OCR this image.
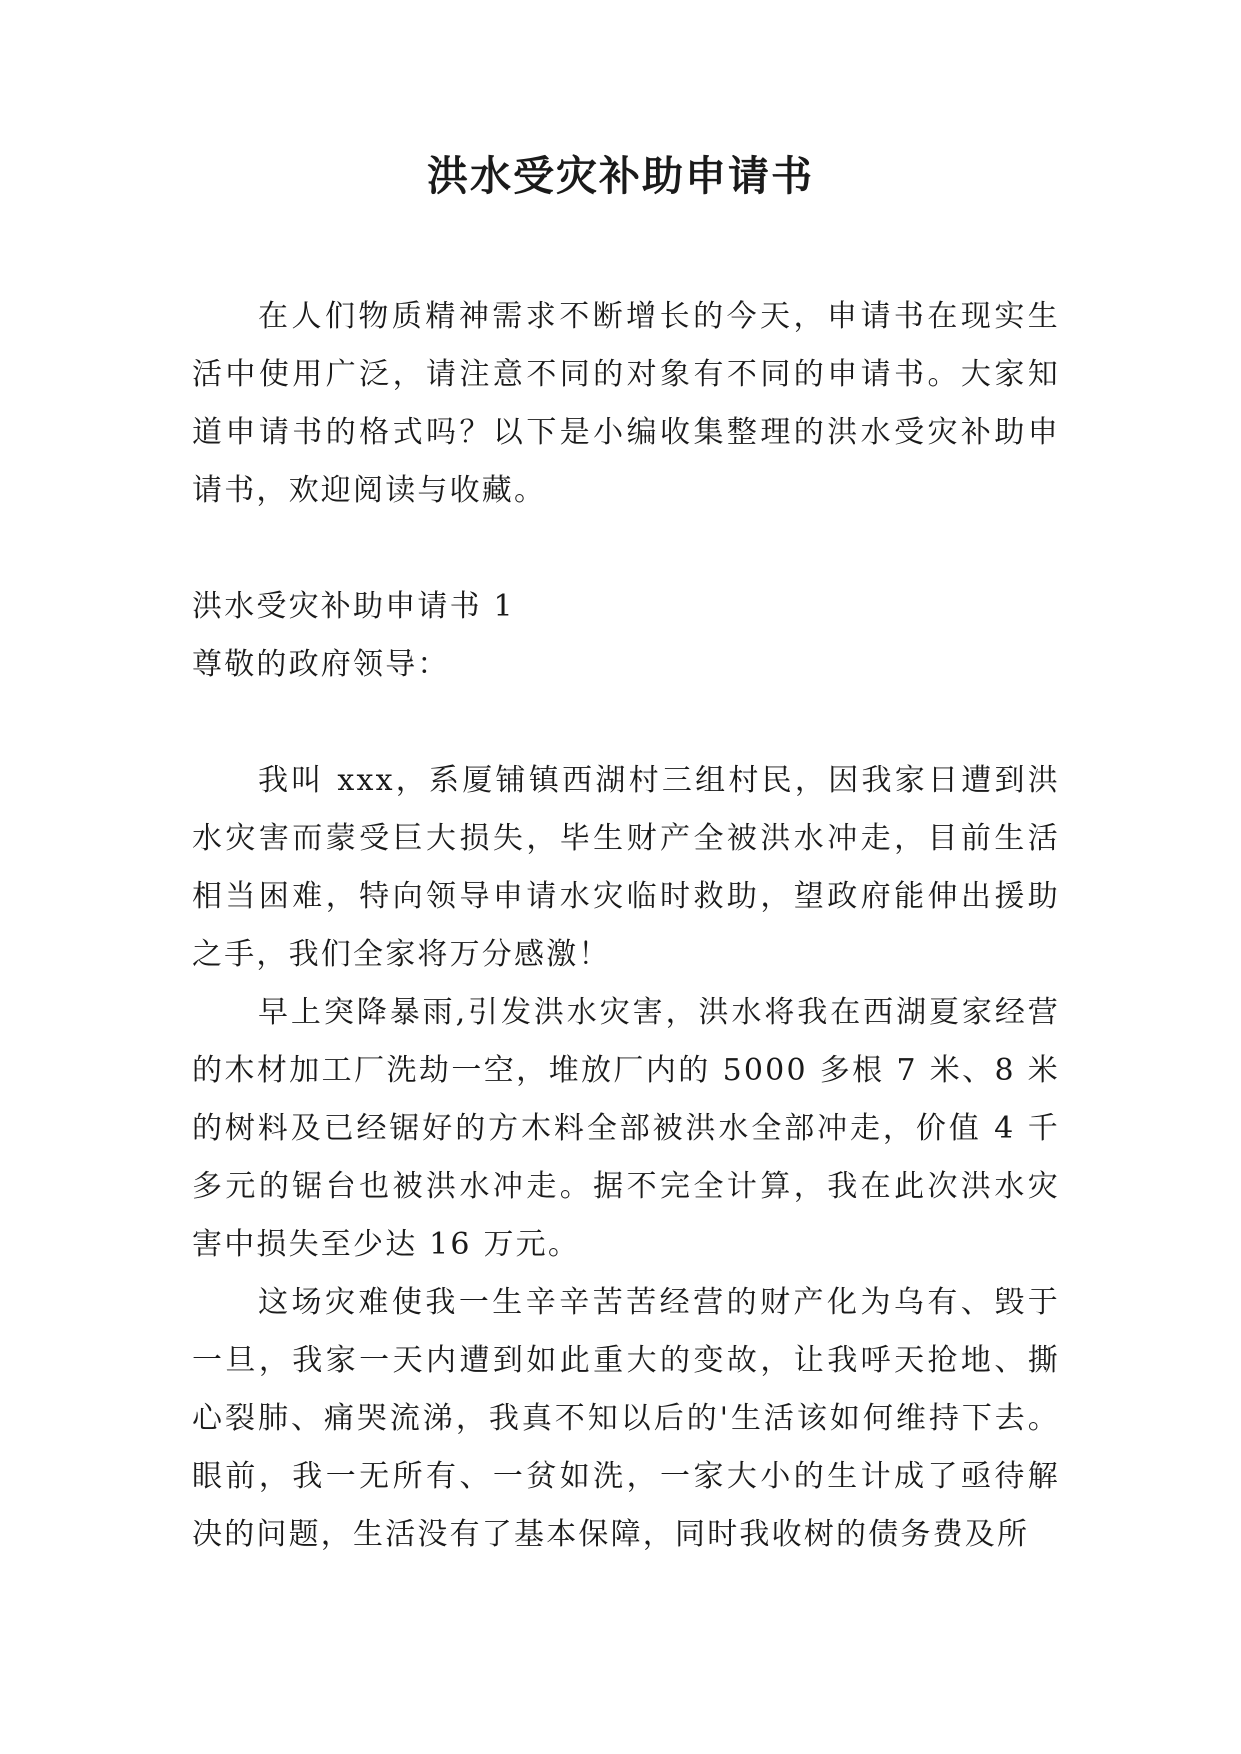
洪水受灾补助申请书

在人们物质精神需求不断增长的今天，申请书在现实生活中使用广泛，请注意不同的对象有不同的申请书。大家知道申请书的格式吗？以下是小编收集整理的洪水受灾补助申请书，欢迎阅读与收藏。

洪水受灾补助申请书 1

尊敬的政府领导：

我叫 xxx，系厦铺镇西湖村三组村民，因我家日遭到洪水灾害而蒙受巨大损失，毕生财产全被洪水冲走，目前生活相当困难，特向领导申请水灾临时救助，望政府能伸出援助之手，我们全家将万分感激！

早上突降暴雨,引发洪水灾害，洪水将我在西湖夏家经营的木材加工厂洗劫一空，堆放厂内的 5000 多根 7 米、8 米的树料及已经锯好的方木料全部被洪水全部冲走，价值 4 千多元的锯台也被洪水冲走。据不完全计算，我在此次洪水灾害中损失至少达 16 万元。

这场灾难使我一生辛辛苦苦经营的财产化为乌有、毁于一旦，我家一天内遭到如此重大的变故，让我呼天抢地、撕心裂肺、痛哭流涕，我真不知以后的'生活该如何维持下去。眼前，我一无所有、一贫如洗，一家大小的生计成了亟待解决的问题，生活没有了基本保障，同时我收树的债务费及所
